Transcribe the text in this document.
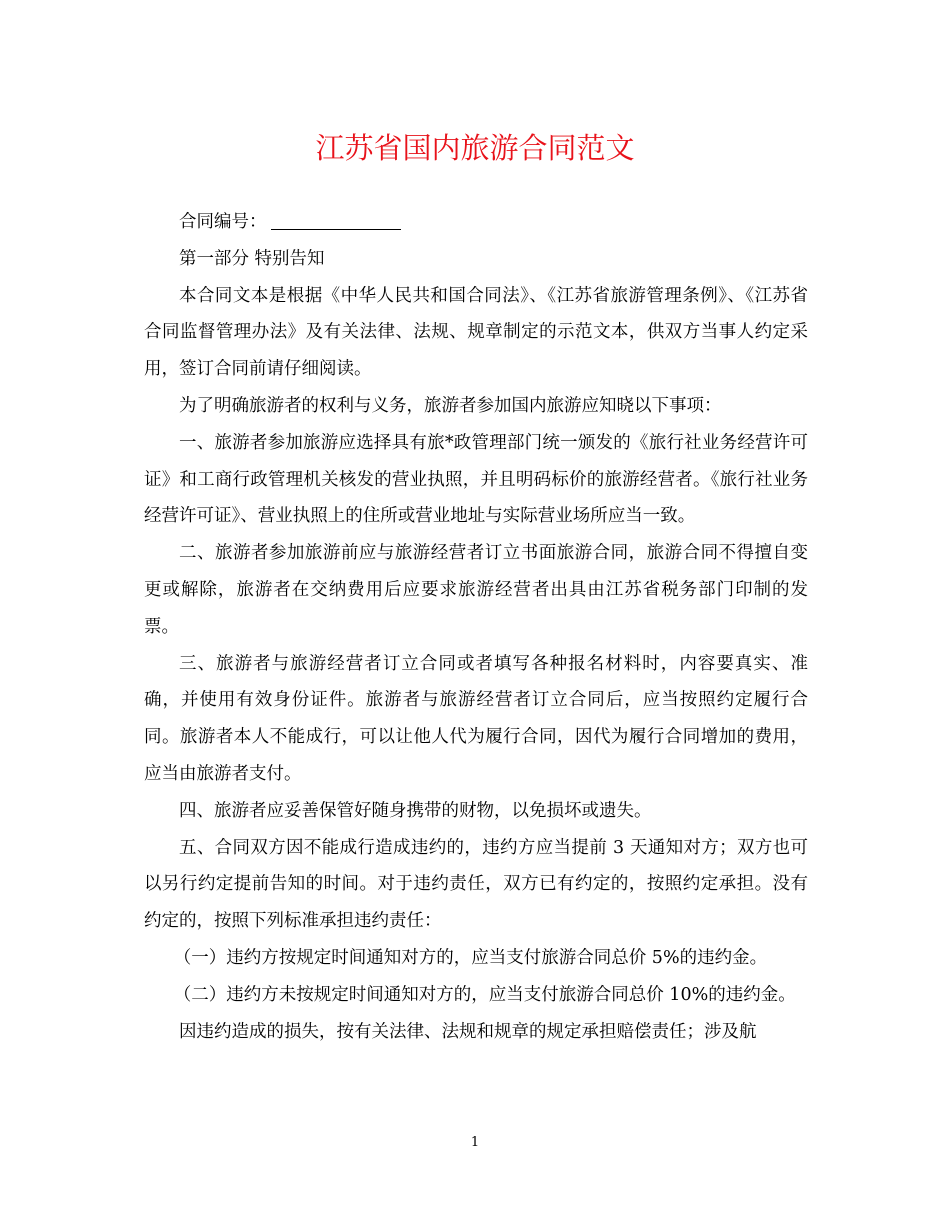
江苏省国内旅游合同范文

合同编号：

第一部分 特别告知

本合同文本是根据《中华人民共和国合同法》、《江苏省旅游管理条例》、《江苏省合同监督管理办法》及有关法律、法规、规章制定的示范文本，供双方当事人约定采用，签订合同前请仔细阅读。

为了明确旅游者的权利与义务，旅游者参加国内旅游应知晓以下事项：

一、旅游者参加旅游应选择具有旅*政管理部门统一颁发的《旅行社业务经营许可证》和工商行政管理机关核发的营业执照，并且明码标价的旅游经营者。《旅行社业务经营许可证》、营业执照上的住所或营业地址与实际营业场所应当一致。

二、旅游者参加旅游前应与旅游经营者订立书面旅游合同，旅游合同不得擅自变更或解除，旅游者在交纳费用后应要求旅游经营者出具由江苏省税务部门印制的发票。

三、旅游者与旅游经营者订立合同或者填写各种报名材料时，内容要真实、准确，并使用有效身份证件。旅游者与旅游经营者订立合同后，应当按照约定履行合同。旅游者本人不能成行，可以让他人代为履行合同，因代为履行合同增加的费用，应当由旅游者支付。

四、旅游者应妥善保管好随身携带的财物，以免损坏或遗失。

五、合同双方因不能成行造成违约的，违约方应当提前 3 天通知对方；双方也可以另行约定提前告知的时间。对于违约责任，双方已有约定的，按照约定承担。没有约定的，按照下列标准承担违约责任：

（一）违约方按规定时间通知对方的，应当支付旅游合同总价 5%的违约金。

（二）违约方未按规定时间通知对方的，应当支付旅游合同总价 10%的违约金。

因违约造成的损失，按有关法律、法规和规章的规定承担赔偿责任；涉及航

1
